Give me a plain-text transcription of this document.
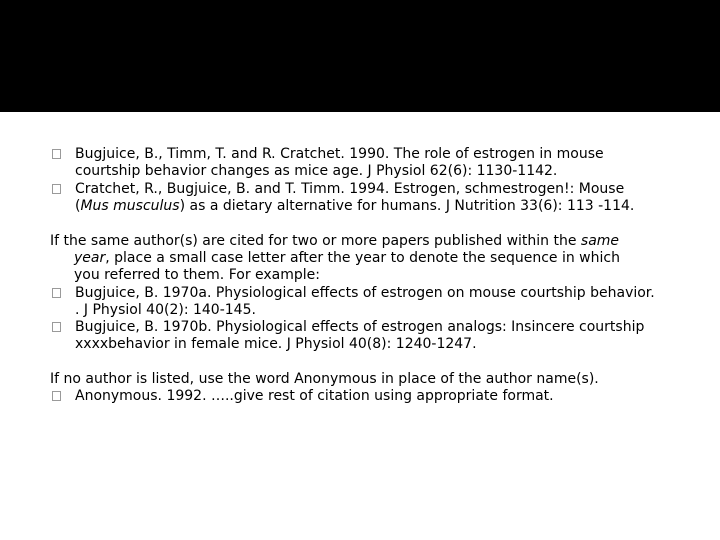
Bugjuice, B., Timm, T. and R. Cratchet. 1990. The role of estrogen in mouse
courtship behavior changes as mice age. J Physiol 62(6): 1130-1142.
Cratchet, R., Bugjuice, B. and T. Timm. 1994. Estrogen, schmestrogen!: Mouse
(Mus musculus) as a dietary alternative for humans. J Nutrition 33(6): 113 -114.
If the same author(s) are cited for two or more papers published within the same
year, place a small case letter after the year to denote the sequence in which
you referred to them. For example:
Bugjuice, B. 1970a. Physiological effects of estrogen on mouse courtship behavior.
. J Physiol 40(2): 140-145.
Bugjuice, B. 1970b. Physiological effects of estrogen analogs: Insincere courtship
xxxxbehavior in female mice. J Physiol 40(8): 1240-1247.
If no author is listed, use the word Anonymous in place of the author name(s).
Anonymous. 1992. …..give rest of citation using appropriate format.
